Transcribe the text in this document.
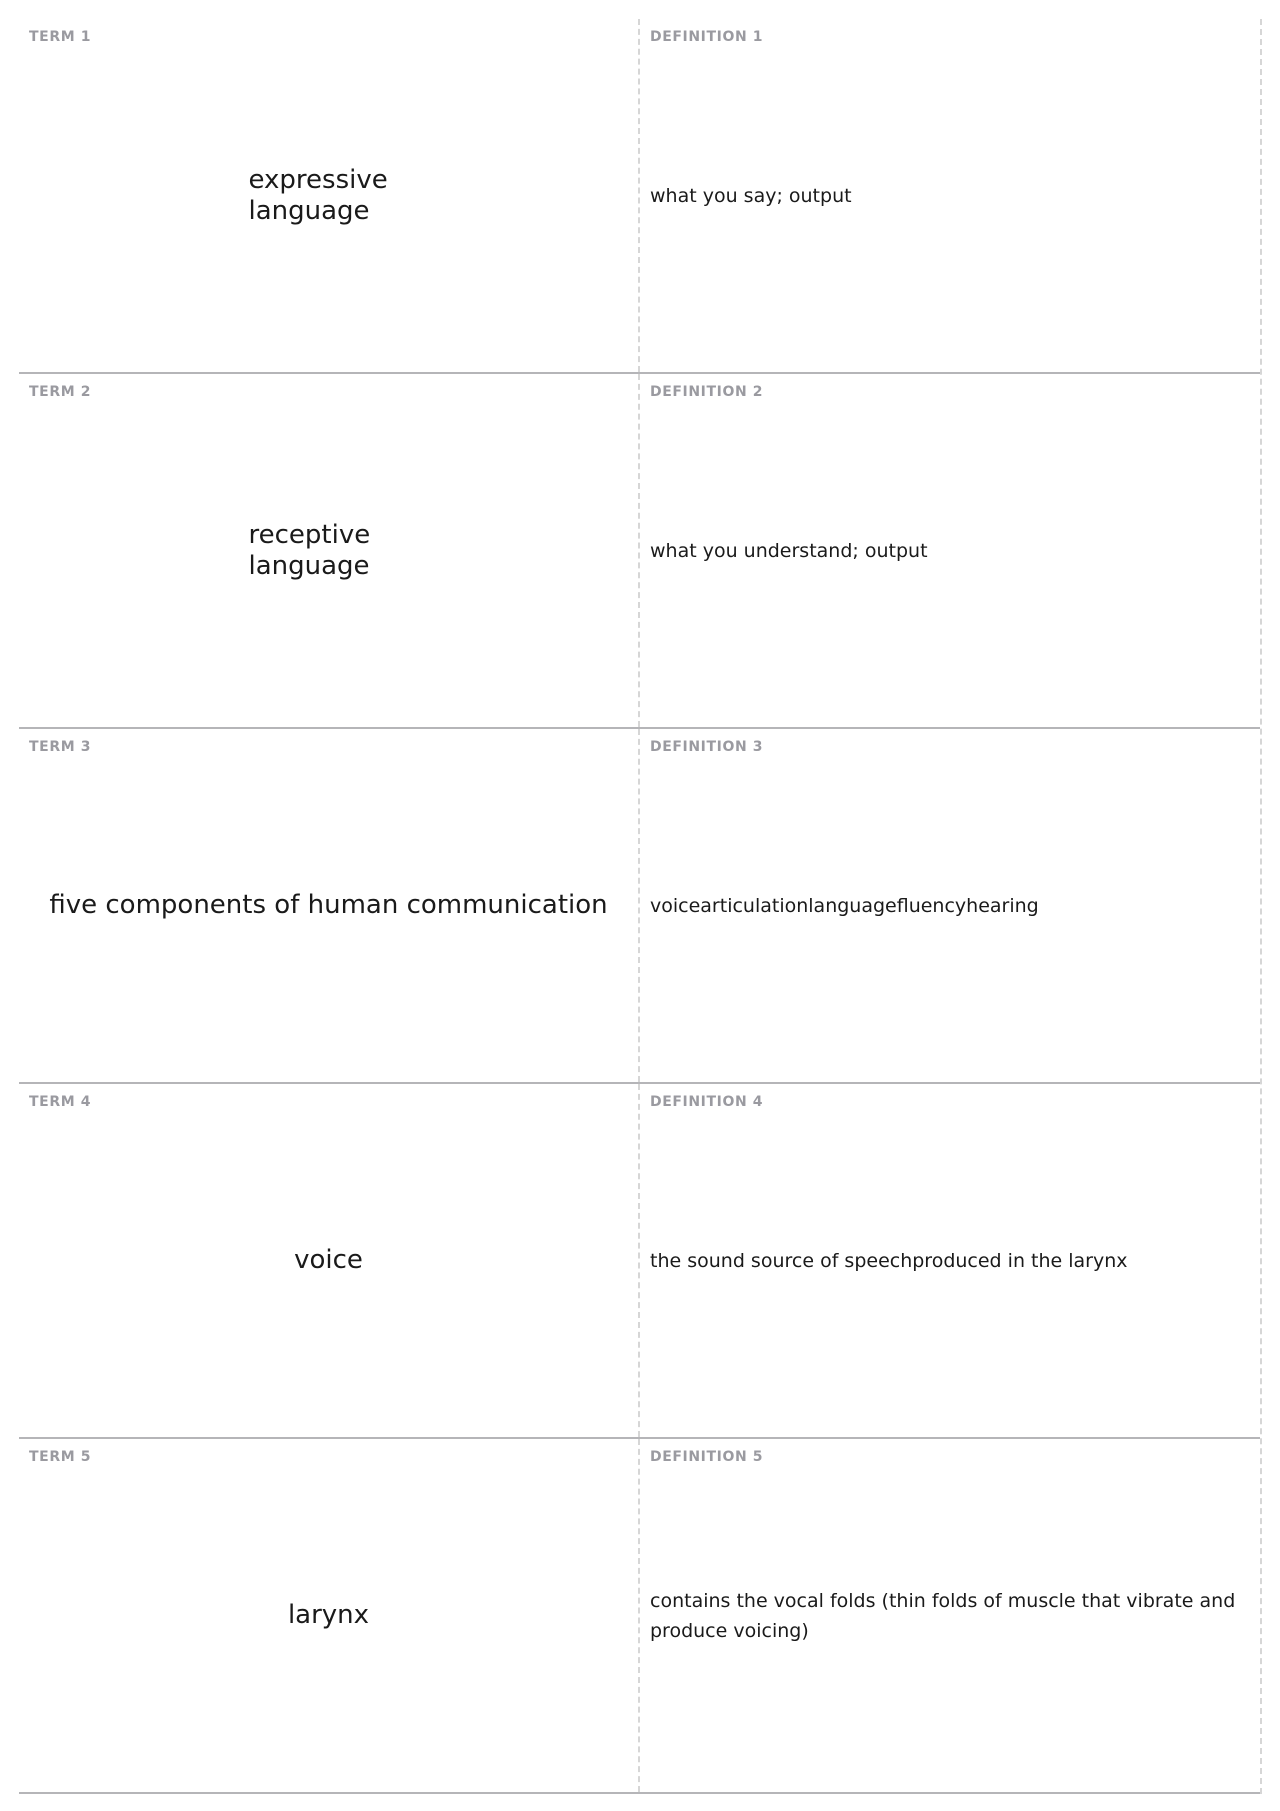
TERM 1
expressive language
DEFINITION 1
what you say; output
TERM 2
receptive language
DEFINITION 2
what you understand; output
TERM 3
five components of human communication
DEFINITION 3
voicearticulationlanguagefluencyhearing
TERM 4
voice
DEFINITION 4
the sound source of speechproduced in the larynx
TERM 5
larynx
DEFINITION 5
contains the vocal folds (thin folds of muscle that vibrate and produce voicing)
